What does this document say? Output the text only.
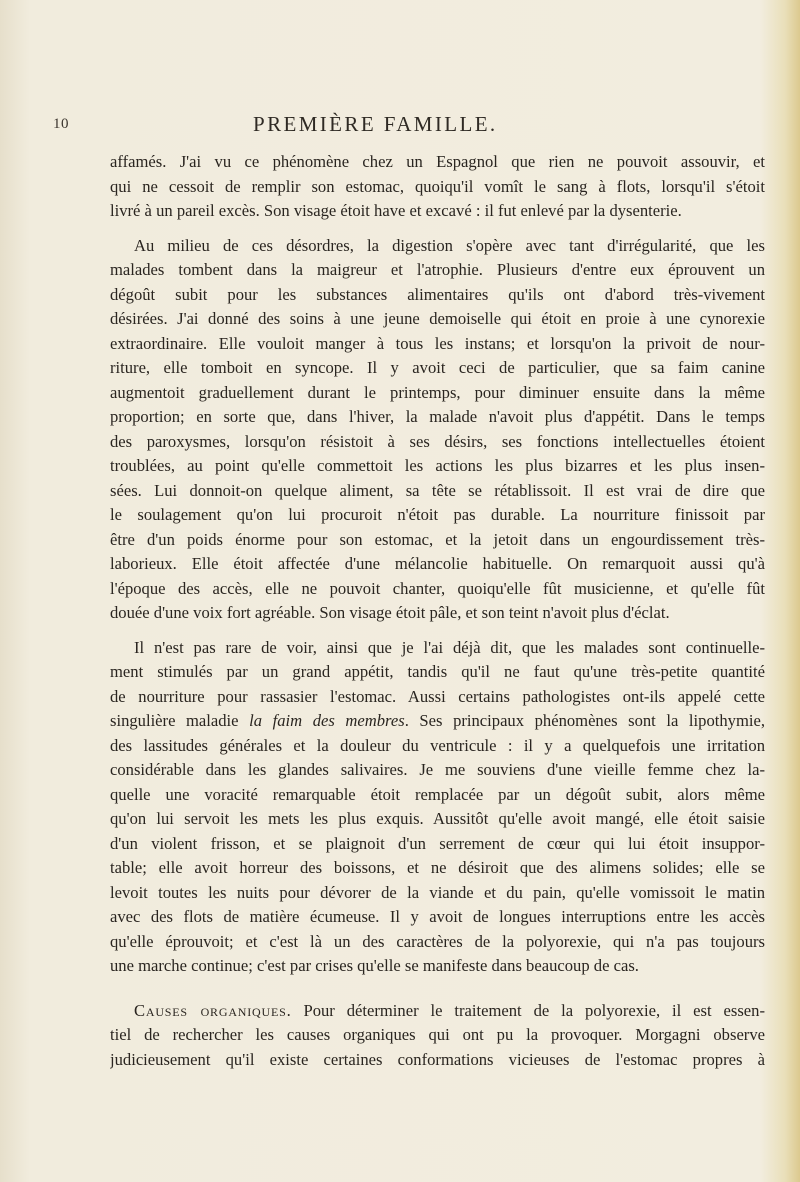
10	PREMIÈRE FAMILLE.
affamés. J'ai vu ce phénomène chez un Espagnol que rien ne pouvoit assouvir, et
qui ne cessoit de remplir son estomac, quoiqu'il vomît le sang à flots, lorsqu'il s'étoit
livré à un pareil excès. Son visage étoit have et excavé : il fut enlevé par la dysenterie.
Au milieu de ces désordres, la digestion s'opère avec tant d'irrégularité, que les
malades tombent dans la maigreur et l'atrophie. Plusieurs d'entre eux éprouvent un
dégoût subit pour les substances alimentaires qu'ils ont d'abord très-vivement
désirées. J'ai donné des soins à une jeune demoiselle qui étoit en proie à une cynorexie
extraordinaire. Elle vouloit manger à tous les instans; et lorsqu'on la privoit de nour-
riture, elle tomboit en syncope. Il y avoit ceci de particulier, que sa faim canine
augmentoit graduellement durant le printemps, pour diminuer ensuite dans la même
proportion; en sorte que, dans l'hiver, la malade n'avoit plus d'appétit. Dans le temps
des paroxysmes, lorsqu'on résistoit à ses désirs, ses fonctions intellectuelles étoient
troublées, au point qu'elle commettoit les actions les plus bizarres et les plus insen-
sées. Lui donnoit-on quelque aliment, sa tête se rétablissoit. Il est vrai de dire que
le soulagement qu'on lui procuroit n'étoit pas durable. La nourriture finissoit par
être d'un poids énorme pour son estomac, et la jetoit dans un engourdissement très-
laborieux. Elle étoit affectée d'une mélancolie habituelle. On remarquoit aussi qu'à
l'époque des accès, elle ne pouvoit chanter, quoiqu'elle fût musicienne, et qu'elle fût
douée d'une voix fort agréable. Son visage étoit pâle, et son teint n'avoit plus d'éclat.
Il n'est pas rare de voir, ainsi que je l'ai déjà dit, que les malades sont continuelle-
ment stimulés par un grand appétit, tandis qu'il ne faut qu'une très-petite quantité
de nourriture pour rassasier l'estomac. Aussi certains pathologistes ont-ils appelé cette
singulière maladie la faim des membres. Ses principaux phénomènes sont la lipothymie,
des lassitudes générales et la douleur du ventricule : il y a quelquefois une irritation
considérable dans les glandes salivaires. Je me souviens d'une vieille femme chez la-
quelle une voracité remarquable étoit remplacée par un dégoût subit, alors même
qu'on lui servoit les mets les plus exquis. Aussitôt qu'elle avoit mangé, elle étoit saisie
d'un violent frisson, et se plaignoit d'un serrement de cœur qui lui étoit insuppor-
table; elle avoit horreur des boissons, et ne désiroit que des alimens solides; elle se
levoit toutes les nuits pour dévorer de la viande et du pain, qu'elle vomissoit le matin
avec des flots de matière écumeuse. Il y avoit de longues interruptions entre les accès
qu'elle éprouvoit; et c'est là un des caractères de la polyorexie, qui n'a pas toujours
une marche continue; c'est par crises qu'elle se manifeste dans beaucoup de cas.
Causes organiques. Pour déterminer le traitement de la polyorexie, il est essen-
tiel de rechercher les causes organiques qui ont pu la provoquer. Morgagni observe
judicieusement qu'il existe certaines conformations vicieuses de l'estomac propres à
